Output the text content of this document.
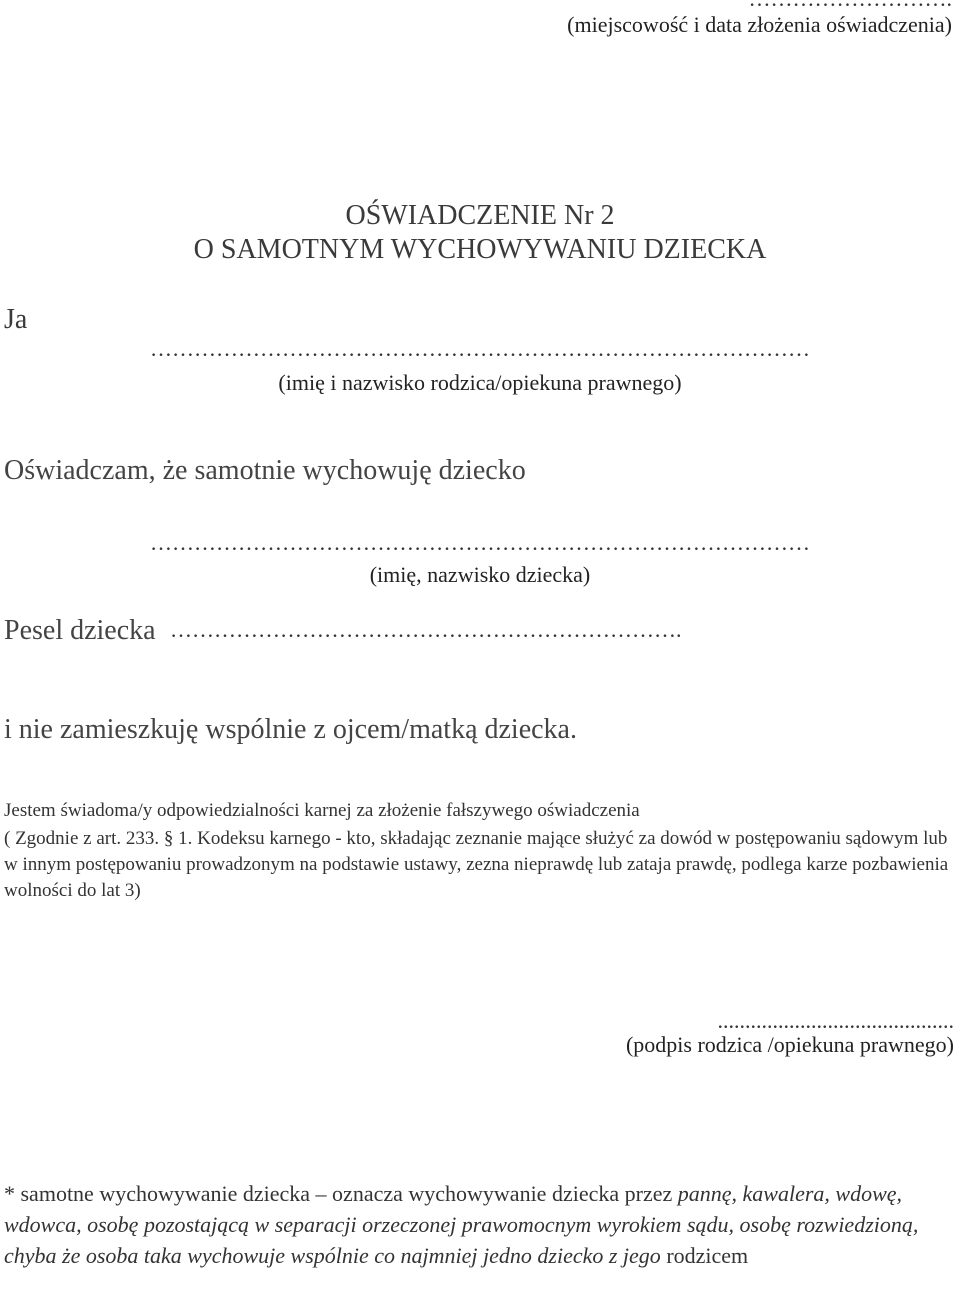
(miejscowość i data złożenia oświadczenia)
OŚWIADCZENIE Nr 2
O SAMOTNYM WYCHOWYWANIU DZIECKA
Ja
………………………………………………………………………………
(imię i nazwisko rodzica/opiekuna prawnego)
Oświadczam, że samotnie wychowuję dziecko
………………………………………………………………………………
(imię, nazwisko dziecka)
Pesel dziecka …………………………………………………………….
i nie zamieszkuję wspólnie z ojcem/matką dziecka.
Jestem świadoma/y odpowiedzialności karnej za złożenie fałszywego oświadczenia
( Zgodnie z art. 233. § 1. Kodeksu karnego - kto, składając zeznanie mające służyć za dowód w postępowaniu sądowym lub w innym postępowaniu prowadzonym na podstawie ustawy, zezna nieprawdę lub zataja prawdę, podlega karze pozbawienia wolności do lat 3)
...........................................
(podpis rodzica /opiekuna prawnego)
* samotne wychowywanie dziecka – oznacza wychowywanie dziecka przez pannę, kawalera, wdowę, wdowca, osobę pozostającą w separacji orzeczonej prawomocnym wyrokiem sądu, osobę rozwiedzioną, chyba że osoba taka wychowuje wspólnie co najmniej jedno dziecko z jego rodzicem
